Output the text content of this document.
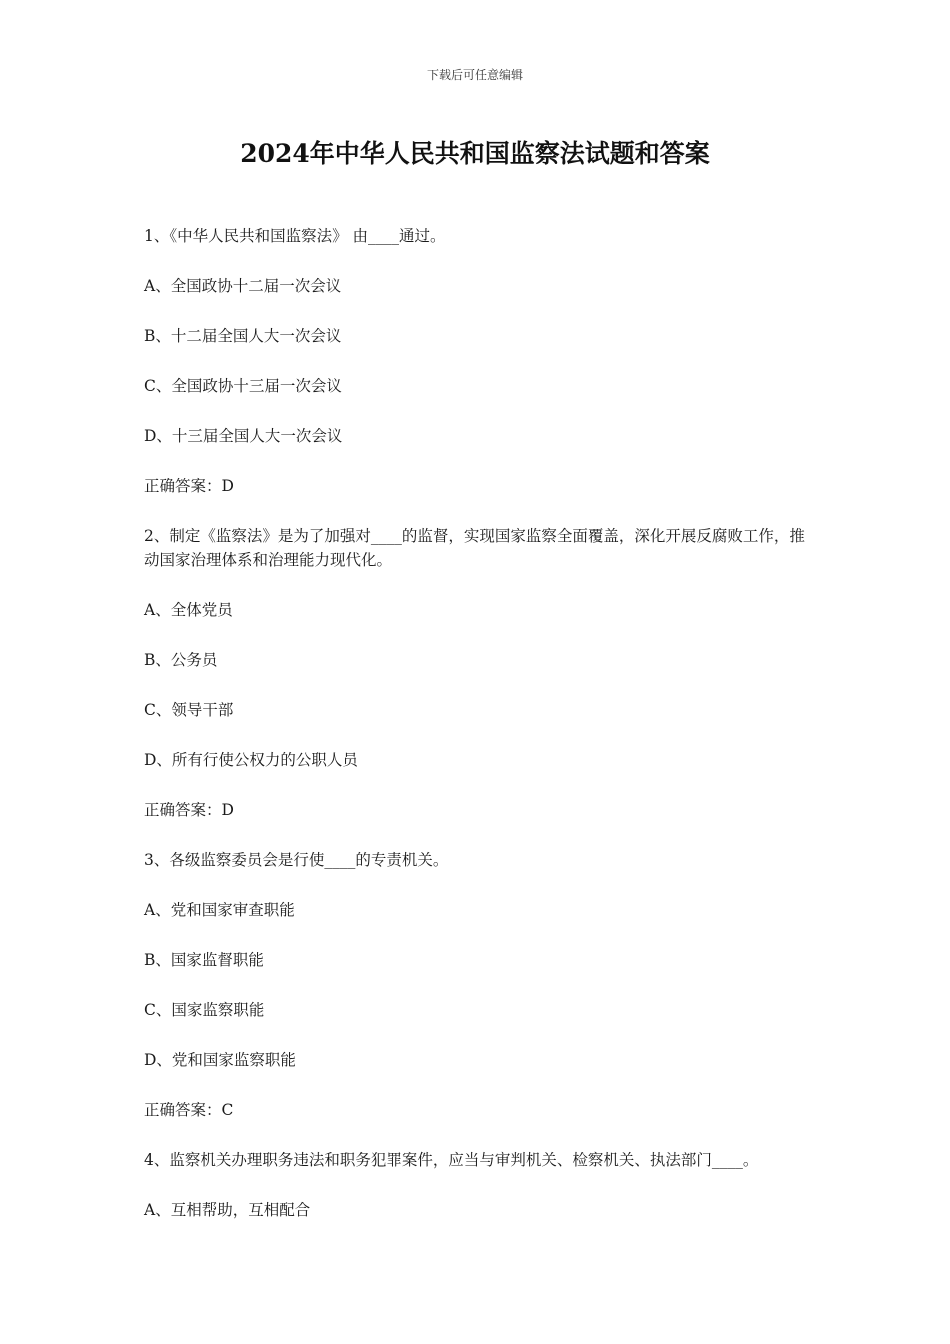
下载后可任意编辑
2024年中华人民共和国监察法试题和答案

1、《中华人民共和国监察法》 由____通过。

A、全国政协十二届一次会议

B、十二届全国人大一次会议

C、全国政协十三届一次会议

D、十三届全国人大一次会议

正确答案：D

2、制定《监察法》是为了加强对____的监督，实现国家监察全面覆盖，深化开展反腐败工作，推动国家治理体系和治理能力现代化。

A、全体党员

B、公务员

C、领导干部

D、所有行使公权力的公职人员

正确答案：D

3、各级监察委员会是行使____的专责机关。

A、党和国家审查职能

B、国家监督职能

C、国家监察职能

D、党和国家监察职能

正确答案：C

4、监察机关办理职务违法和职务犯罪案件，应当与审判机关、检察机关、执法部门____。

A、互相帮助，互相配合
